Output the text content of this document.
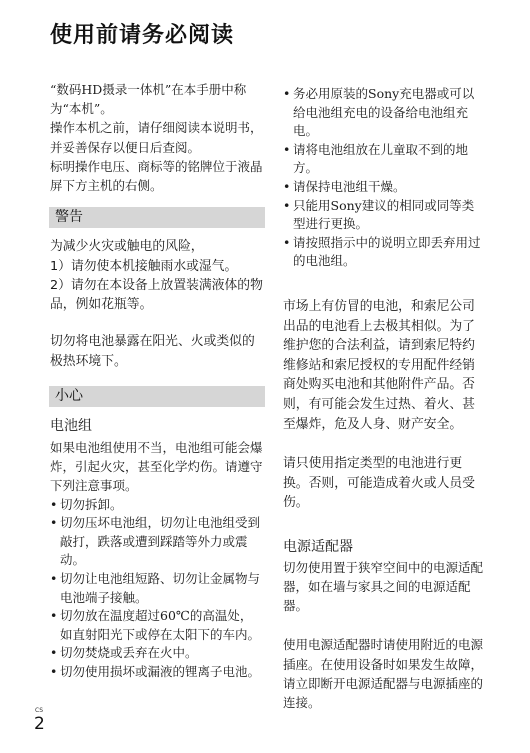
使用前请务必阅读

“数码HD摄录一体机”在本手册中称为“本机”。

操作本机之前，请仔细阅读本说明书，并妥善保存以便日后查阅。

标明操作电压、商标等的铭牌位于液晶屏下方主机的右侧。

警告

为减少火灾或触电的风险，

1）请勿使本机接触雨水或湿气。

2）请勿在本设备上放置装满液体的物品，例如花瓶等。

切勿将电池暴露在阳光、火或类似的极热环境下。

小心

电池组

如果电池组使用不当，电池组可能会爆炸，引起火灾，甚至化学灼伤。请遵守下列注意事项。

• 切勿拆卸。
• 切勿压坏电池组，切勿让电池组受到敲打，跌落或遭到踩踏等外力或震动。
• 切勿让电池组短路、切勿让金属物与电池端子接触。
• 切勿放在温度超过60℃的高温处，如直射阳光下或停在太阳下的车内。
• 切勿焚烧或丢弃在火中。
• 切勿使用损坏或漏液的锂离子电池。
• 务必用原装的Sony充电器或可以给电池组充电的设备给电池组充电。
• 请将电池组放在儿童取不到的地方。
• 请保持电池组干燥。
• 只能用Sony建议的相同或同等类型进行更换。
• 请按照指示中的说明立即丢弃用过的电池组。

市场上有仿冒的电池，和索尼公司出品的电池看上去极其相似。为了维护您的合法利益，请到索尼特约维修站和索尼授权的专用配件经销商处购买电池和其他附件产品。否则，有可能会发生过热、着火、甚至爆炸，危及人身、财产安全。

请只使用指定类型的电池进行更换。否则，可能造成着火或人员受伤。

电源适配器

切勿使用置于狭窄空间中的电源适配器，如在墙与家具之间的电源适配器。

使用电源适配器时请使用附近的电源插座。在使用设备时如果发生故障，请立即断开电源适配器与电源插座的连接。

CS
2
